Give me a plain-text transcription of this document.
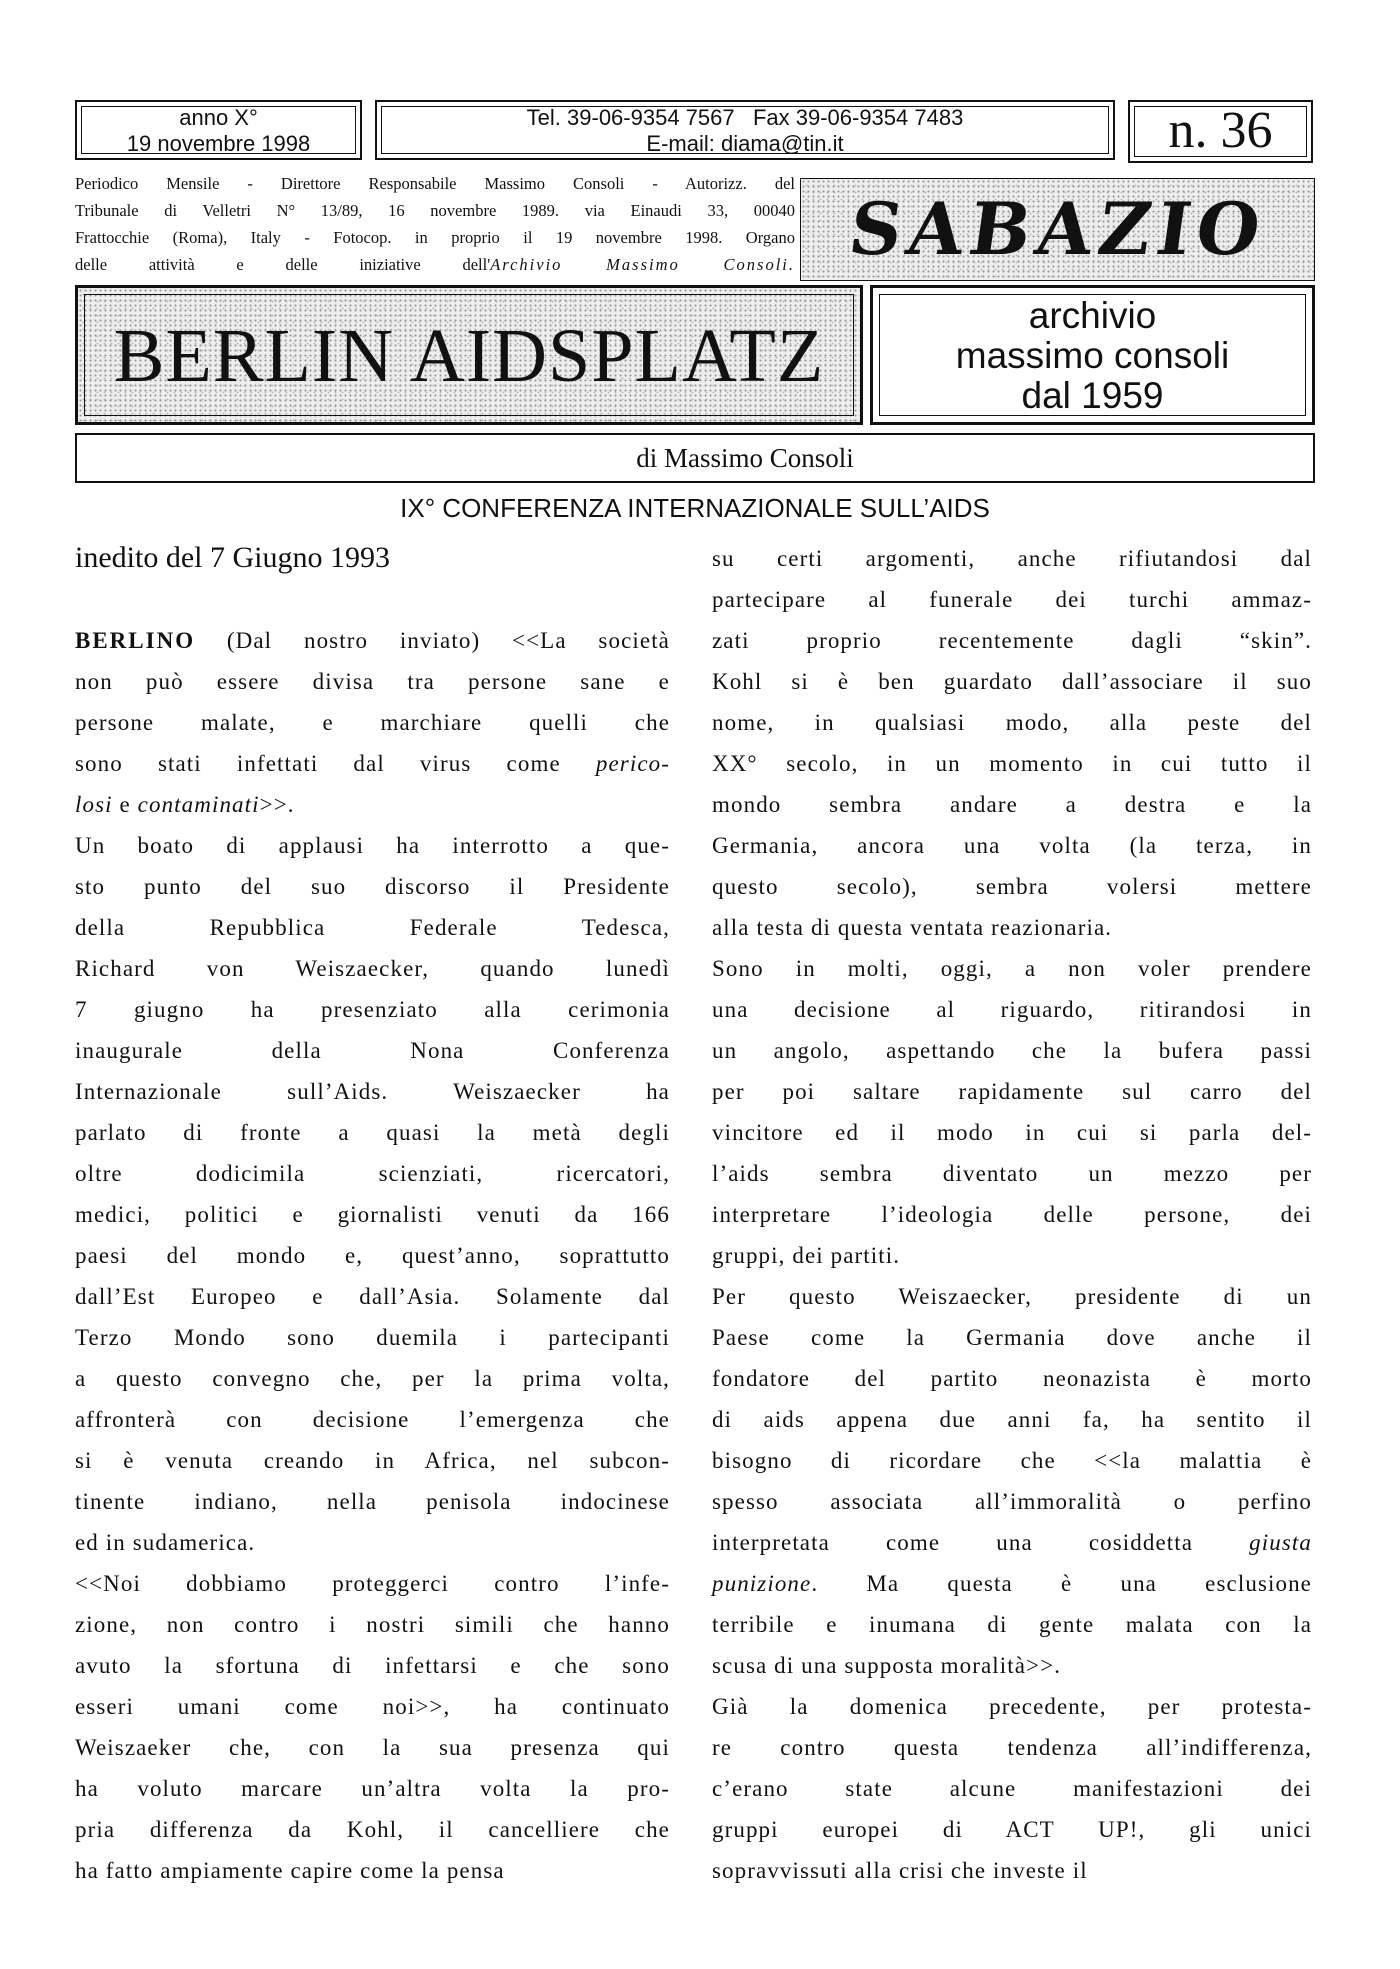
anno X°
19 novembre 1998
Tel. 39-06-9354 7567   Fax 39-06-9354 7483
E-mail: diama@tin.it	n. 36
Periodico Mensile - Direttore Responsabile Massimo Consoli - Autorizz. del
Tribunale di Velletri N° 13/89, 16 novembre 1989. via Einaudi 33, 00040
Frattocchie (Roma), Italy - Fotocop. in proprio il 19 novembre 1998. Organo
delle attività e delle iniziative dell'Archivio Massimo Consoli. SABAZIO
BERLIN AIDSPLATZ	archivio
massimo consoli
dal 1959
di Massimo Consoli
IX° CONFERENZA INTERNAZIONALE SULL’AIDS
inedito del 7 Giugno 1993
BERLINO (Dal nostro inviato) <<La società
non può essere divisa tra persone sane e
persone malate, e marchiare quelli che
sono stati infettati dal virus come perico-
losi e contaminati>>.
Un boato di applausi ha interrotto a que-
sto punto del suo discorso il Presidente
della Repubblica Federale Tedesca,
Richard von Weiszaecker, quando lunedì
7 giugno ha presenziato alla cerimonia
inaugurale della Nona Conferenza
Internazionale sull’Aids. Weiszaecker ha
parlato di fronte a quasi la metà degli
oltre dodicimila scienziati, ricercatori,
medici, politici e giornalisti venuti da 166
paesi del mondo e, quest’anno, soprattutto
dall’Est Europeo e dall’Asia. Solamente dal
Terzo Mondo sono duemila i partecipanti
a questo convegno che, per la prima volta,
affronterà con decisione l’emergenza che
si è venuta creando in Africa, nel subcon-
tinente indiano, nella penisola indocinese
ed in sudamerica.
<<Noi dobbiamo proteggerci contro l’infe-
zione, non contro i nostri simili che hanno
avuto la sfortuna di infettarsi e che sono
esseri umani come noi>>, ha continuato
Weiszaeker che, con la sua presenza qui
ha voluto marcare un’altra volta la pro-
pria differenza da Kohl, il cancelliere che
ha fatto ampiamente capire come la pensa
su certi argomenti, anche rifiutandosi dal
partecipare al funerale dei turchi ammaz-
zati proprio recentemente dagli “skin”.
Kohl si è ben guardato dall’associare il suo
nome, in qualsiasi modo, alla peste del
XX° secolo, in un momento in cui tutto il
mondo sembra andare a destra e la
Germania, ancora una volta (la terza, in
questo secolo), sembra volersi mettere
alla testa di questa ventata reazionaria.
Sono in molti, oggi, a non voler prendere
una decisione al riguardo, ritirandosi in
un angolo, aspettando che la bufera passi
per poi saltare rapidamente sul carro del
vincitore ed il modo in cui si parla del-
l’aids sembra diventato un mezzo per
interpretare l’ideologia delle persone, dei
gruppi, dei partiti.
Per questo Weiszaecker, presidente di un
Paese come la Germania dove anche il
fondatore del partito neonazista è morto
di aids appena due anni fa, ha sentito il
bisogno di ricordare che <<la malattia è
spesso associata all’immoralità o perfino
interpretata come una cosiddetta giusta
punizione. Ma questa è una esclusione
terribile e inumana di gente malata con la
scusa di una supposta moralità>>.
Già la domenica precedente, per protesta-
re contro questa tendenza all’indifferenza,
c’erano state alcune manifestazioni dei
gruppi europei di ACT UP!, gli unici
sopravvissuti alla crisi che investe il
